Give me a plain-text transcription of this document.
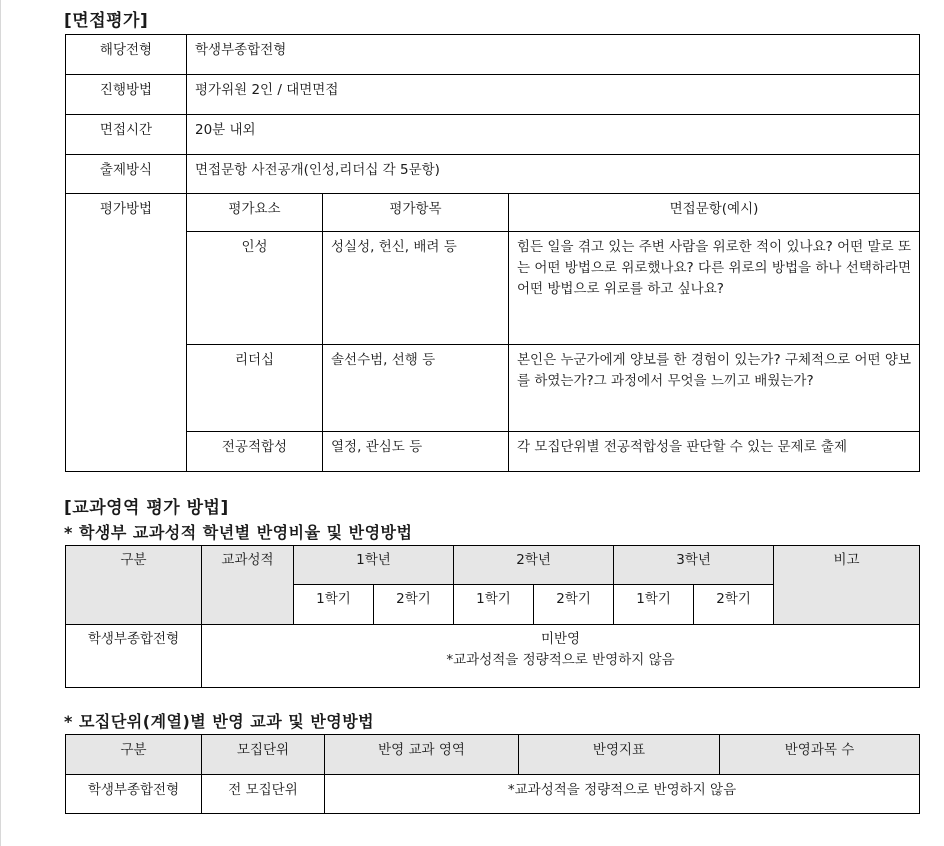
[면접평가]
해당전형	학생부종합전형		
진행방법	평가위원 2인 / 대면면접		
면접시간	20분 내외		
출제방식	면접문항 사전공개(인성,리더십 각 5문항)		
평가방법	평가요소	평가항목	면접문항(예시)
	인성	성실성, 헌신, 배려 등	힘든 일을 겪고 있는 주변 사람을 위로한 적이 있나요? 어떤 말로 또는 어떤 방법으로 위로했나요? 다른 위로의 방법을 하나 선택하라면 어떤 방법으로 위로를 하고 싶나요?
	리더십	솔선수범, 선행 등	본인은 누군가에게 양보를 한 경험이 있는가? 구체적으로 어떤 양보를 하였는가?그 과정에서 무엇을 느끼고 배웠는가?
	전공적합성	열정, 관심도 등	각 모집단위별 전공적합성을 판단할 수 있는 문제로 출제
[교과영역 평가 방법]
* 학생부 교과성적 학년별 반영비율 및 반영방법
구분	교과성적	1학년		2학년		3학년		비고
		1학기	2학기	1학기	2학기	1학기	2학기	
학생부종합전형	미반영
*교과성적을 정량적으로 반영하지 않음							
* 모집단위(계열)별 반영 교과 및 반영방법
구분	모집단위	반영 교과 영역	반영지표	반영과목 수
학생부종합전형	전 모집단위	*교과성적을 정량적으로 반영하지 않음		
